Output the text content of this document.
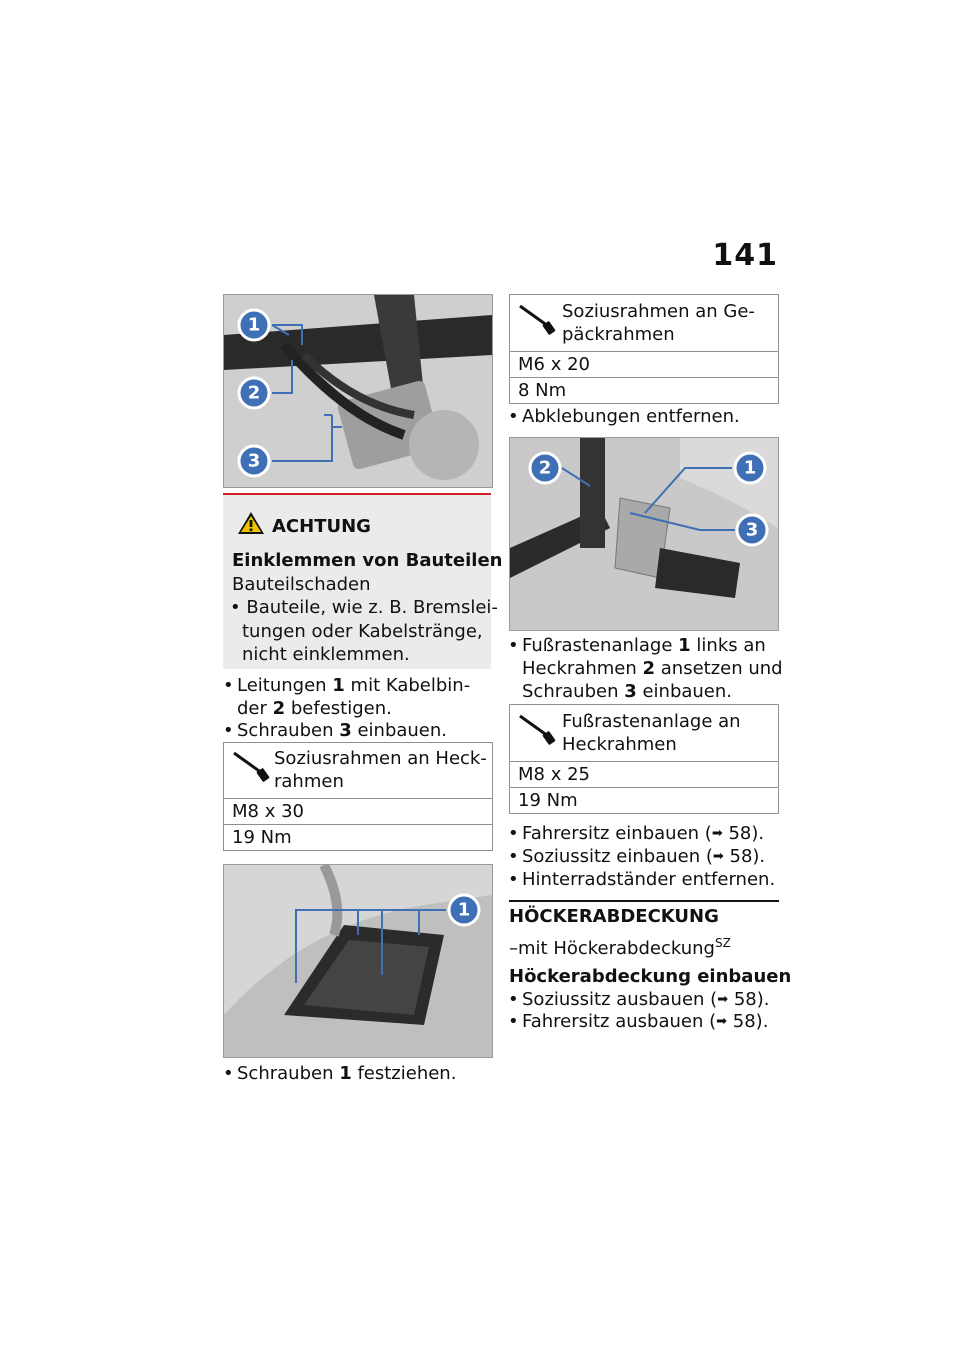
141
1
2
3
ACHTUNG
Einklemmen von Bauteilen
Bauteilschaden
• Bauteile, wie z. B. Bremslei-
tungen oder Kabelstränge,
nicht einklemmen.
• Leitungen 1 mit Kabelbin-
der 2 befestigen.
• Schrauben 3 einbauen.
Soziusrahmen an Heck-
rahmen
M8 x 30
19 Nm
1
• Schrauben 1 festziehen.
Soziusrahmen an Ge-
päckrahmen
M6 x 20
8 Nm
• Abklebungen entfernen.
2	1
3
• Fußrastenanlage 1 links an
Heckrahmen 2 ansetzen und
Schrauben 3 einbauen.
Fußrastenanlage an
Heckrahmen
M8 x 25
19 Nm
• Fahrersitz einbauen (➡ 58).
• Soziussitz einbauen (➡ 58).
• Hinterradständer entfernen.
HÖCKERABDECKUNG
–mit Höckerabdeckung$^{SZ}$
Höckerabdeckung einbauen
• Soziussitz ausbauen (➡ 58).
• Fahrersitz ausbauen (➡ 58).
